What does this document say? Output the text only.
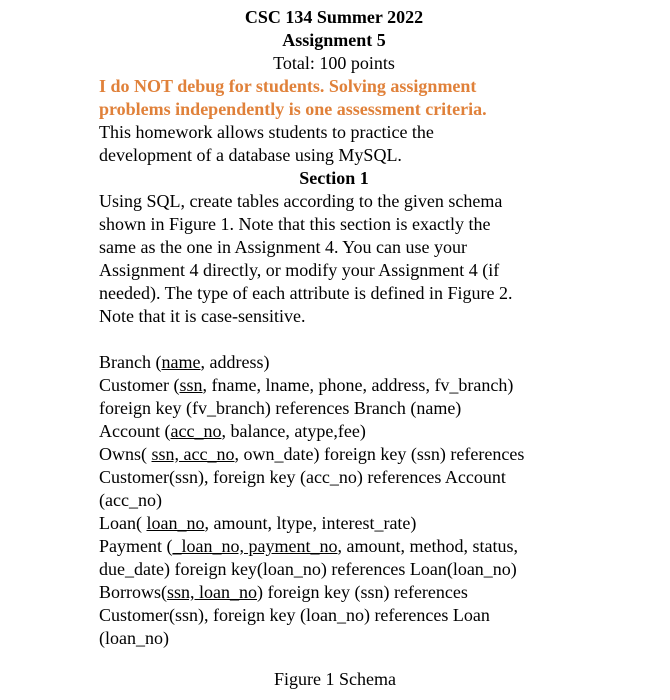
CSC 134 Summer 2022
Assignment 5
Total: 100 points
I do NOT debug for students. Solving assignment
problems independently is one assessment criteria.
This homework allows students to practice the
development of a database using MySQL.
Section 1
Using SQL, create tables according to the given schema
shown in Figure 1. Note that this section is exactly the
same as the one in Assignment 4. You can use your
Assignment 4 directly, or modify your Assignment 4 (if
needed). The type of each attribute is defined in Figure 2.
Note that it is case-sensitive.
Branch (name, address)
Customer (ssn, fname, lname, phone, address, fv_branch)
foreign key (fv_branch) references Branch (name)
Account (acc_no, balance, atype,fee)
Owns( ssn, acc_no, own_date) foreign key (ssn) references
Customer(ssn), foreign key (acc_no) references Account
(acc_no)
Loan( loan_no, amount, ltype, interest_rate)
Payment (_loan_no, payment_no, amount, method, status,
due_date) foreign key(loan_no) references Loan(loan_no)
Borrows(ssn, loan_no) foreign key (ssn) references
Customer(ssn), foreign key (loan_no) references Loan
(loan_no)
Figure 1 Schema
